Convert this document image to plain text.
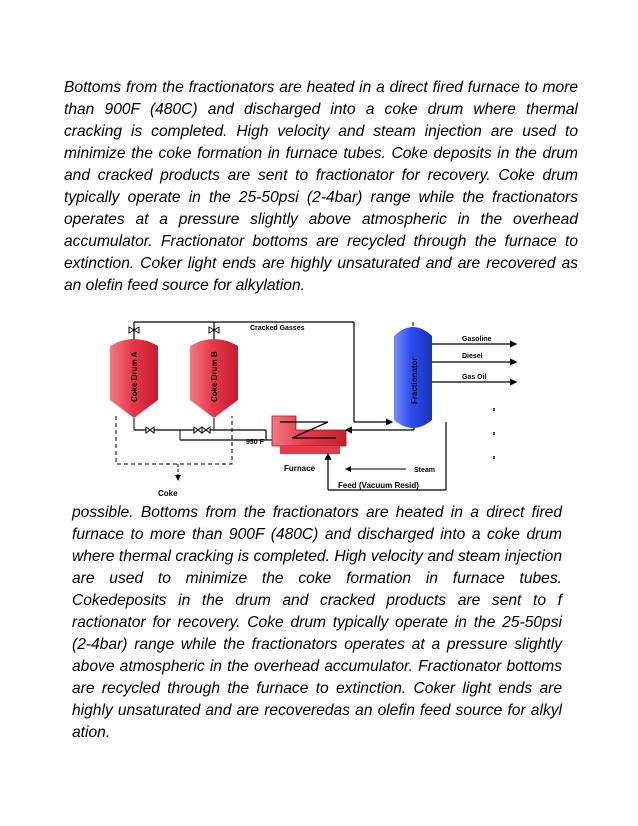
Bottoms from the fractionators are heated in a direct fired furnace to more than 900F (480C) and discharged into a coke drum where thermal cracking is completed. High velocity and steam injection are used to minimize the coke formation in furnace tubes. Coke deposits in the drum and cracked products are sent to fractionator for recovery. Coke drum typically operate in the 25-50psi (2-4bar) range while the fractionators operates at a pressure slightly above atmospheric in the overhead accumulator. Fractionator bottoms are recycled through the furnace to extinction. Coker light ends are highly unsaturated and are recovered as an olefin feed source for alkylation.

Cracked Gasses
Coke Drum A	Coke Drum B
Coke
950 F
Furnace	Steam
Feed (Vacuum Resid)
Fractionator
Gasoline
Diesel
Gas Oil

possible. Bottoms from the fractionators are heated in a direct fired furnace to more than 900F (480C) and discharged into a coke drum where thermal cracking is completed. High velocity and steam injection are used to minimize the coke formation in furnace tubes. Cokedeposits in the drum and cracked products are sent to f ractionator for recovery. Coke drum typically operate in the 25-50psi (2-4bar) range while the fractionators operates at a pressure slightly above atmospheric in the overhead accumulator. Fractionator bottoms are recycled through the furnace to extinction. Coker light ends are highly unsaturated and are recoveredas an olefin feed source for alkyl ation.
